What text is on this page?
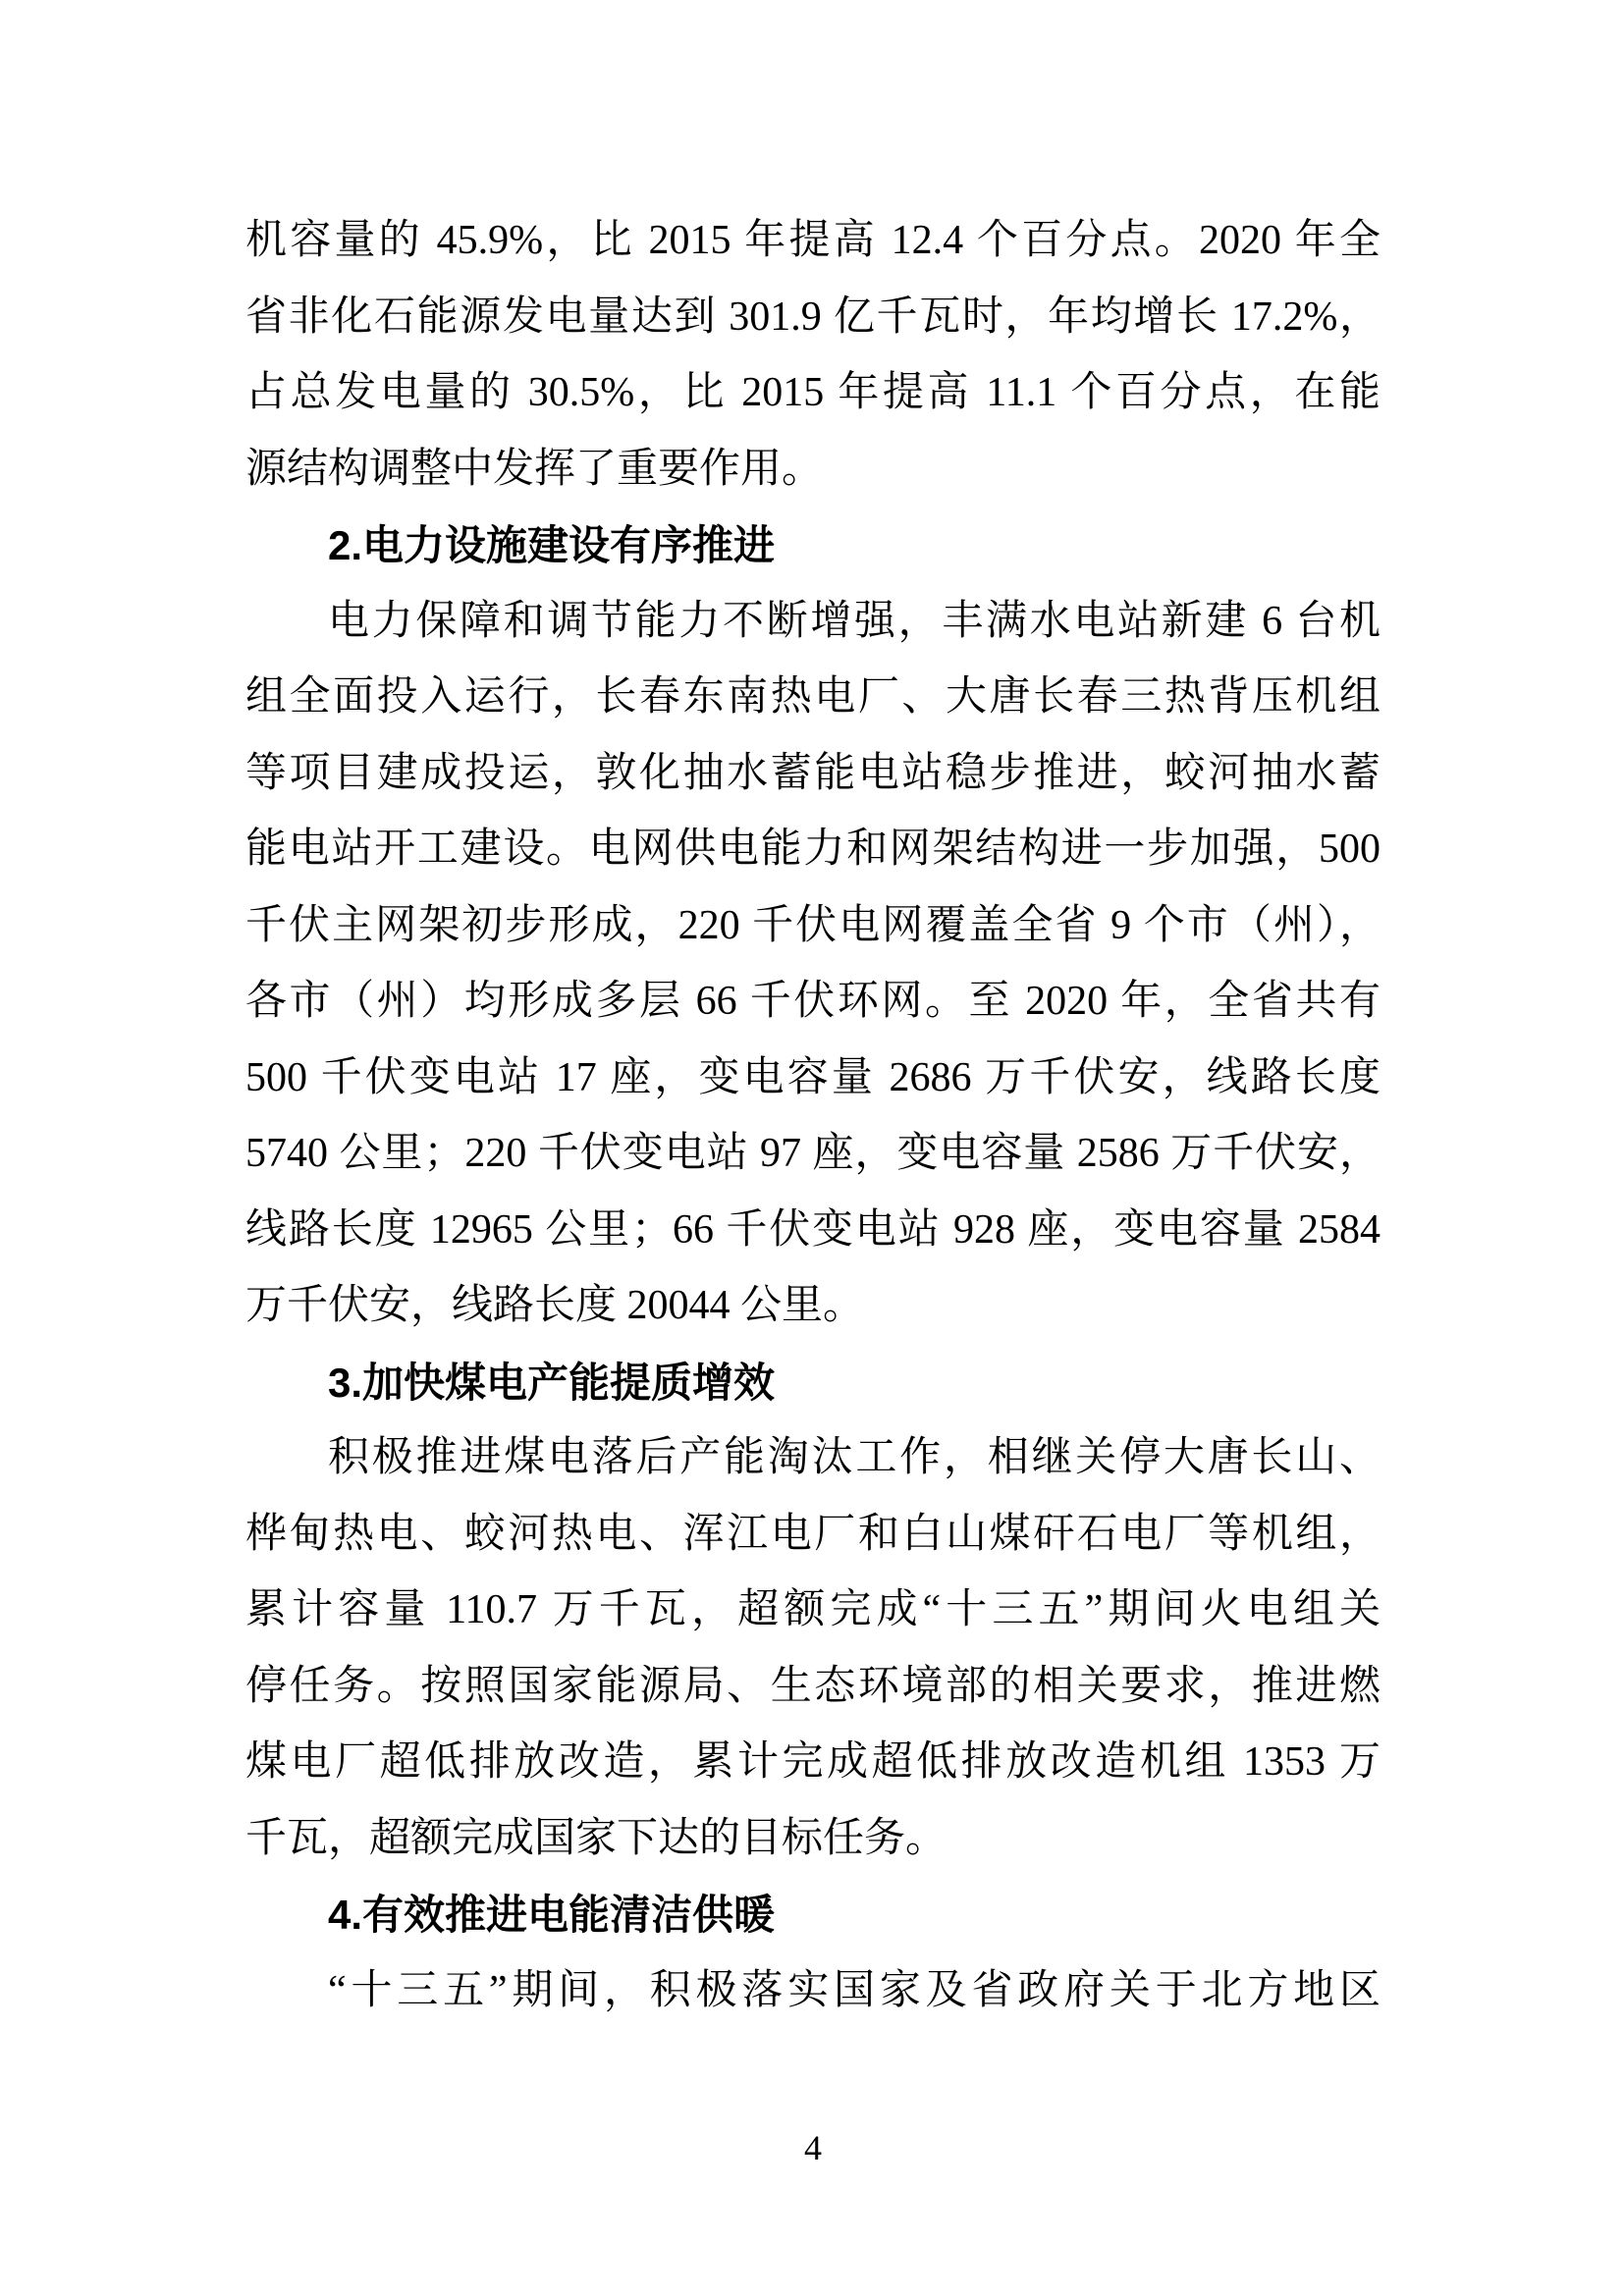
机容量的 45.9%，比 2015 年提高 12.4 个百分点。2020 年全
省非化石能源发电量达到 301.9 亿千瓦时，年均增长 17.2%，
占总发电量的 30.5%，比 2015 年提高 11.1 个百分点，在能
源结构调整中发挥了重要作用。
2.电力设施建设有序推进
电力保障和调节能力不断增强，丰满水电站新建 6 台机
组全面投入运行，长春东南热电厂、大唐长春三热背压机组
等项目建成投运，敦化抽水蓄能电站稳步推进，蛟河抽水蓄
能电站开工建设。电网供电能力和网架结构进一步加强，500
千伏主网架初步形成，220 千伏电网覆盖全省 9 个市（州），
各市（州）均形成多层 66 千伏环网。至 2020 年，全省共有
500 千伏变电站 17 座，变电容量 2686 万千伏安，线路长度
5740 公里；220 千伏变电站 97 座，变电容量 2586 万千伏安，
线路长度 12965 公里；66 千伏变电站 928 座，变电容量 2584
万千伏安，线路长度 20044 公里。
3.加快煤电产能提质增效
积极推进煤电落后产能淘汰工作，相继关停大唐长山、
桦甸热电、蛟河热电、浑江电厂和白山煤矸石电厂等机组，
累计容量 110.7 万千瓦，超额完成“十三五”期间火电组关
停任务。按照国家能源局、生态环境部的相关要求，推进燃
煤电厂超低排放改造，累计完成超低排放改造机组 1353 万
千瓦，超额完成国家下达的目标任务。
4.有效推进电能清洁供暖
“十三五”期间，积极落实国家及省政府关于北方地区
4
